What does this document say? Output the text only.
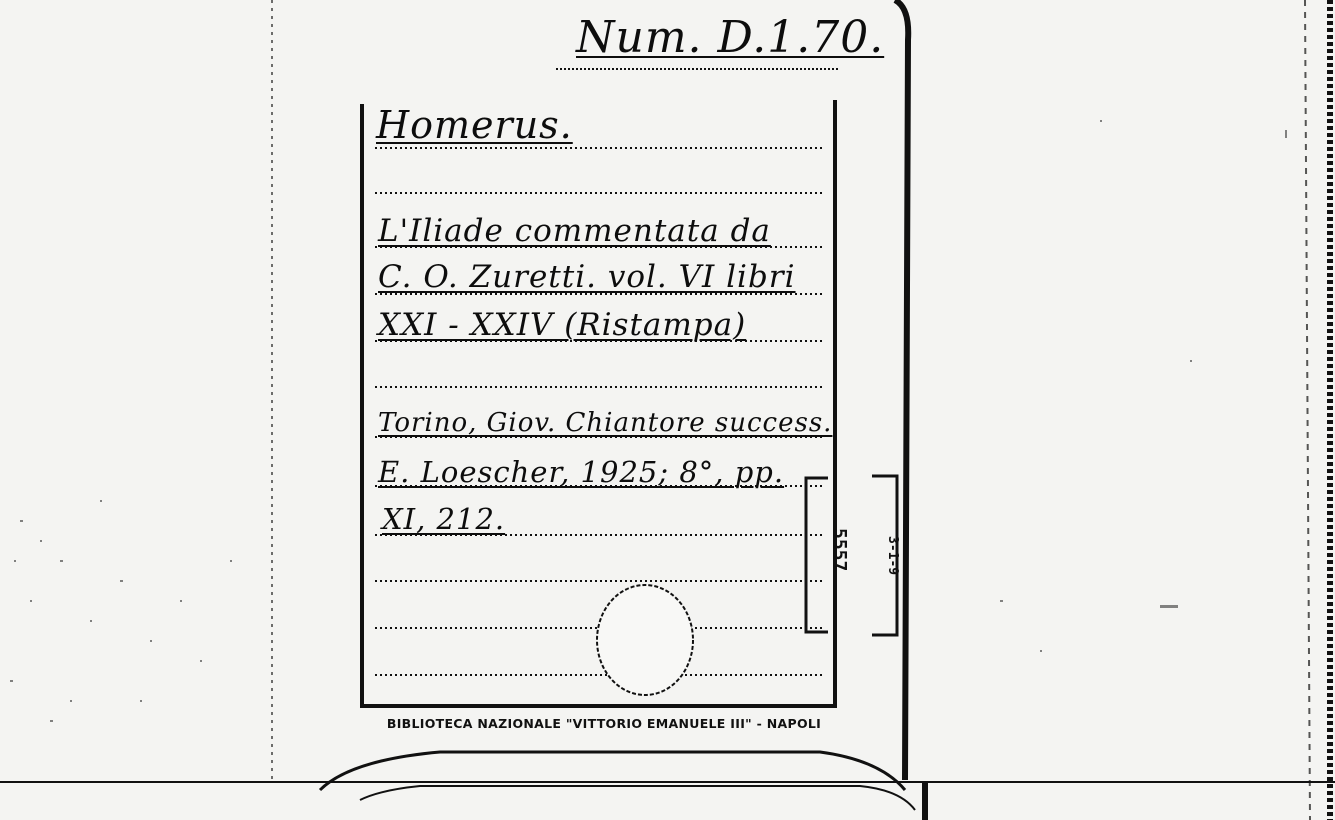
Num. D.1.70.
Homerus.
L'Iliade commentata da
C. O. Zuretti. vol. VI libri
XXI - XXIV (Ristampa)
Torino, Giov. Chiantore success.
E. Loescher, 1925; 8°, pp.
XI, 212.
5557	3-1-9
BIBLIOTECA NAZIONALE "VITTORIO EMANUELE III" - NAPOLI
